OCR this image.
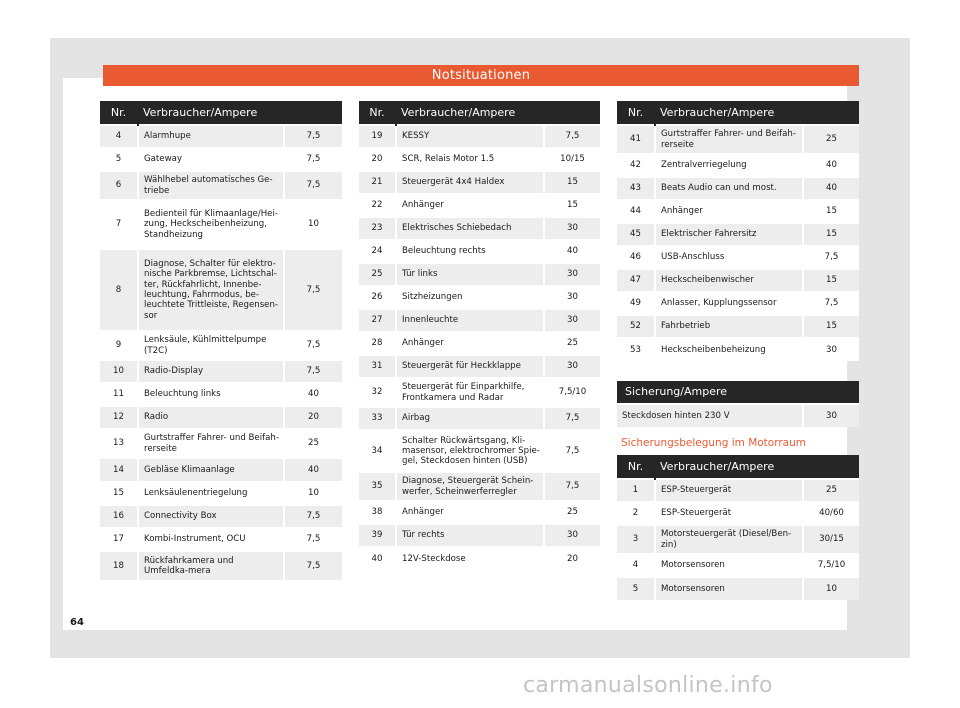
Notsituationen
Nr.	Verbraucher/Ampere	
4	Alarmhupe	7,5
5	Gateway	7,5
6	Wählhebel automatisches Ge-triebe	7,5
7	Bedienteil für Klimaanlage/Hei-zung, Heckscheibenheizung, Standheizung	10
8	Diagnose, Schalter für elektro-nische Parkbremse, Lichtschal-ter, Rückfahrlicht, Innenbe-leuchtung, Fahrmodus, be-leuchtete Trittleiste, Regensen-sor	7,5
9	Lenksäule, Kühlmittelpumpe (T2C)	7,5
10	Radio-Display	7,5
11	Beleuchtung links	40
12	Radio	20
13	Gurtstraffer Fahrer- und Beifah-rerseite	25
14	Gebläse Klimaanlage	40
15	Lenksäulenentriegelung	10
16	Connectivity Box	7,5
17	Kombi-Instrument, OCU	7,5
18	Rückfahrkamera und Umfeldka-mera	7,5
Nr.	Verbraucher/Ampere	
19	KESSY	7,5
20	SCR, Relais Motor 1.5	10/15
21	Steuergerät 4x4 Haldex	15
22	Anhänger	15
23	Elektrisches Schiebedach	30
24	Beleuchtung rechts	40
25	Tür links	30
26	Sitzheizungen	30
27	Innenleuchte	30
28	Anhänger	25
31	Steuergerät für Heckklappe	30
32	Steuergerät für Einparkhilfe, Frontkamera und Radar	7,5/10
33	Airbag	7,5
34	Schalter Rückwärtsgang, Kli-masensor, elektrochromer Spie-gel, Steckdosen hinten (USB)	7,5
35	Diagnose, Steuergerät Schein-werfer, Scheinwerferregler	7,5
38	Anhänger	25
39	Tür rechts	30
40	12V-Steckdose	20
Nr.	Verbraucher/Ampere	
41	Gurtstraffer Fahrer- und Beifah-rerseite	25
42	Zentralverriegelung	40
43	Beats Audio can und most.	40
44	Anhänger	15
45	Elektrischer Fahrersitz	15
46	USB-Anschluss	7,5
47	Heckscheibenwischer	15
49	Anlasser, Kupplungssensor	7,5
52	Fahrbetrieb	15
53	Heckscheibenbeheizung	30
Sicherung/Ampere
Steckdosen hinten 230 V	30
Sicherungsbelegung im Motorraum
Nr.	Verbraucher/Ampere	
1	ESP-Steuergerät	25
2	ESP-Steuergerät	40/60
3	Motorsteuergerät (Diesel/Ben-zin)	30/15
4	Motorsensoren	7,5/10
5	Motorsensoren	10
64
carmanualsonline.info
